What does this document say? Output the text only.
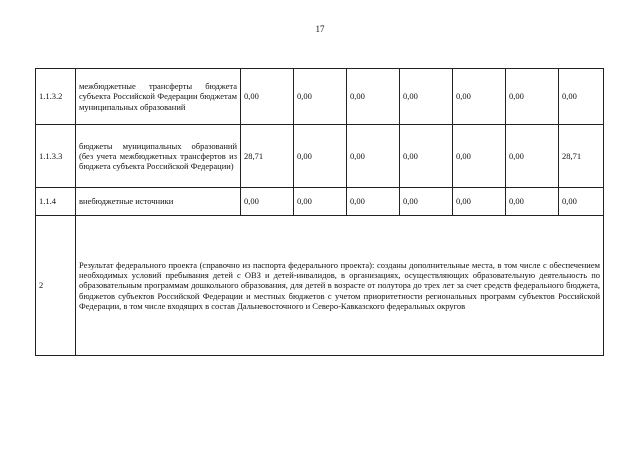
17
1.1.3.2	межбюджетные трансферты бюджета субъекта Российской Федерации бюджетам муниципальных образований	0,00	0,00	0,00	0,00	0,00	0,00	0,00
1.1.3.3	бюджеты муниципальных образований (без учета межбюджетных трансфертов из бюджета субъекта Российской Федерации)	28,71	0,00	0,00	0,00	0,00	0,00	28,71
1.1.4	внебюджетные источники	0,00	0,00	0,00	0,00	0,00	0,00	0,00
2	Результат федерального проекта (справочно из паспорта федерального проекта): созданы дополнительные места, в том числе с обеспечением необходимых условий пребывания детей с ОВЗ и детей-инвалидов, в организациях, осуществляющих образовательную деятельность по образовательным программам дошкольного образования, для детей в возрасте от полутора до трех лет за счет средств федерального бюджета, бюджетов субъектов Российской Федерации и местных бюджетов с учетом приоритетности региональных программ субъектов Российской Федерации, в том числе входящих в состав Дальневосточного и Северо-Кавказского федеральных округов							
